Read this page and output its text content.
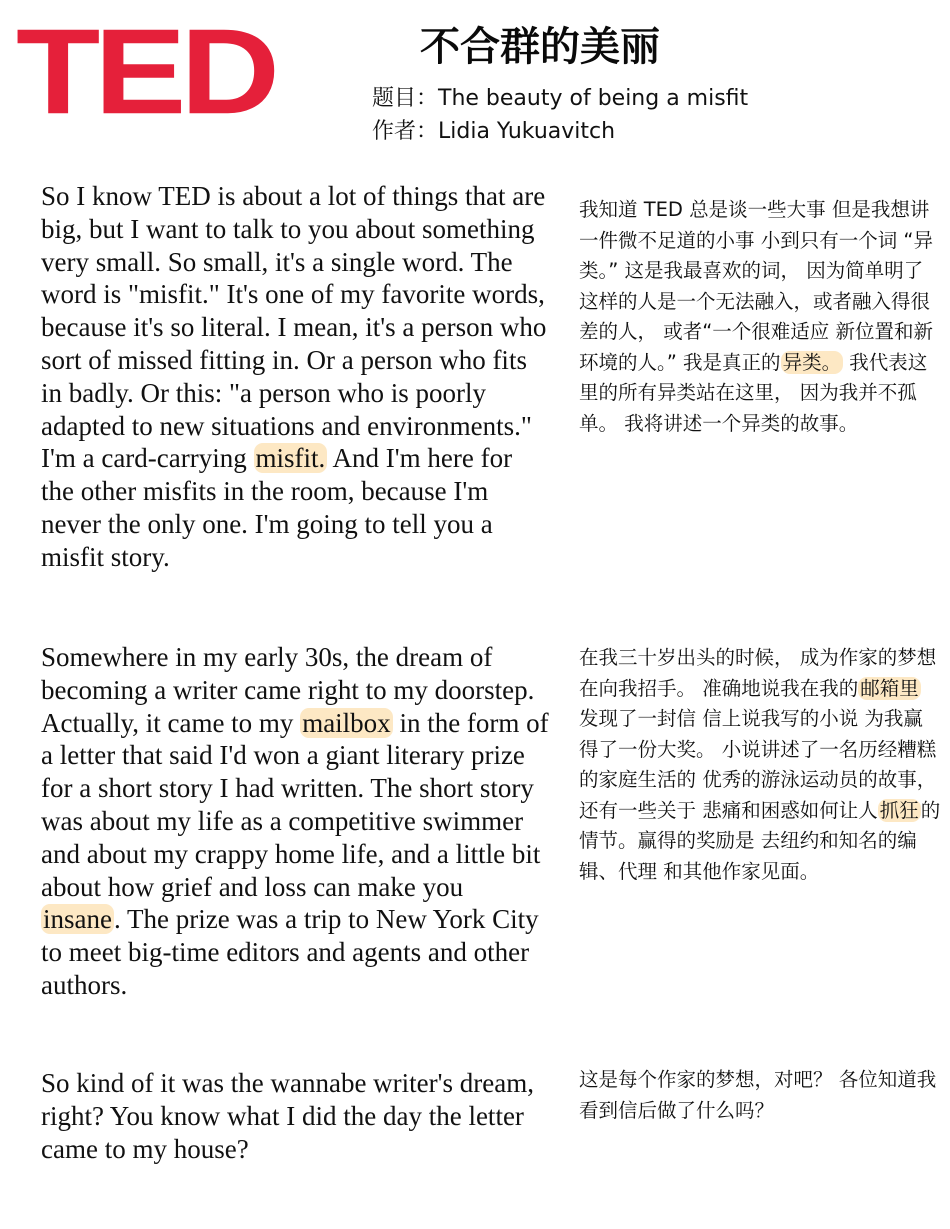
TED	不合群的美丽
题目：The beauty of being a misfit
作者：Lidia Yukuavitch

So I know TED is about a lot of things that are big, but I want to talk to you about something very small. So small, it's a single word. The word is "misfit." It's one of my favorite words, because it's so literal. I mean, it's a person who sort of missed fitting in. Or a person who fits in badly. Or this: "a person who is poorly adapted to new situations and environments." I'm a card-carrying misfit. And I'm here for the other misfits in the room, because I'm never the only one. I'm going to tell you a misfit story.

我知道 TED 总是谈一些大事 但是我想讲一件微不足道的小事 小到只有一个词 “异类。” 这是我最喜欢的词， 因为简单明了 这样的人是一个无法融入，或者融入得很差的人， 或者“一个很难适应 新位置和新环境的人。” 我是真正的 异类。 我代表这里的所有异类站在这里， 因为我并不孤单。 我将讲述一个异类的故事。

Somewhere in my early 30s, the dream of becoming a writer came right to my doorstep. Actually, it came to my mailbox in the form of a letter that said I'd won a giant literary prize for a short story I had written. The short story was about my life as a competitive swimmer and about my crappy home life, and a little bit about how grief and loss can make you insane. The prize was a trip to New York City to meet big-time editors and agents and other authors.

在我三十岁出头的时候， 成为作家的梦想在向我招手。 准确地说我在我的 邮箱里 发现了一封信 信上说我写的小说 为我赢得了一份大奖。 小说讲述了一名历经糟糕的家庭生活的 优秀的游泳运动员的故事， 还有一些关于 悲痛和困惑如何让人 抓狂 的情节。赢得的奖励是 去纽约和知名的编辑、代理 和其他作家见面。

So kind of it was the wannabe writer's dream, right? You know what I did the day the letter came to my house?

这是每个作家的梦想，对吧？ 各位知道我看到信后做了什么吗？
